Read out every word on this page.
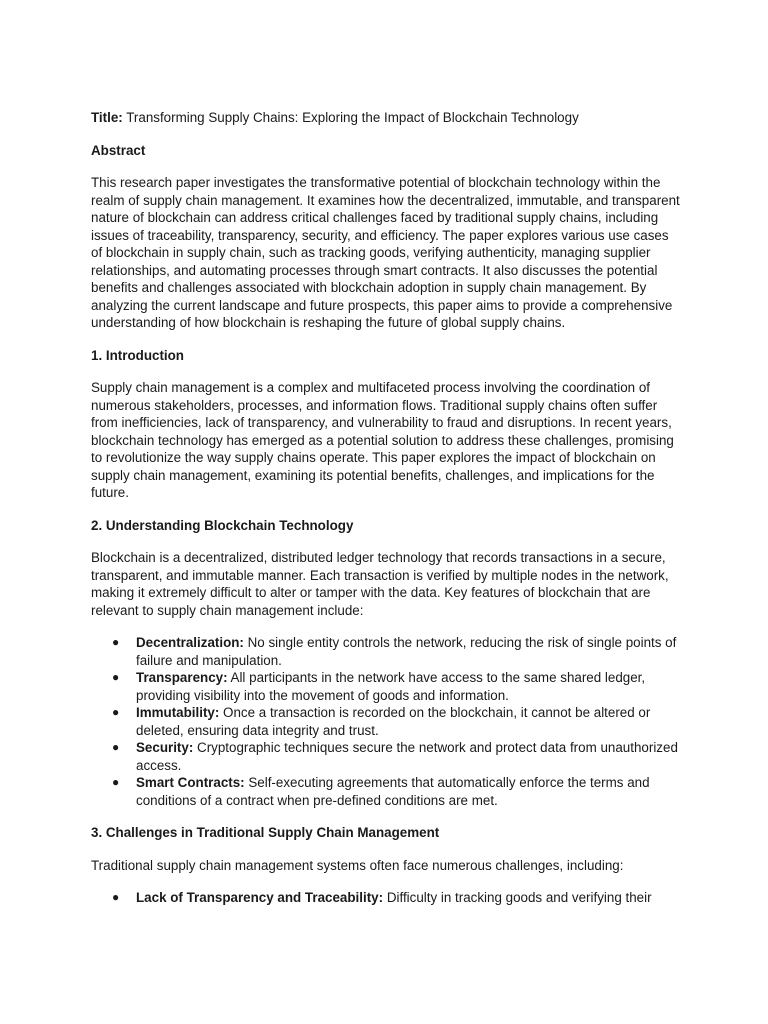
Title: Transforming Supply Chains: Exploring the Impact of Blockchain Technology

Abstract

This research paper investigates the transformative potential of blockchain technology within the realm of supply chain management. It examines how the decentralized, immutable, and transparent nature of blockchain can address critical challenges faced by traditional supply chains, including issues of traceability, transparency, security, and efficiency. The paper explores various use cases of blockchain in supply chain, such as tracking goods, verifying authenticity, managing supplier relationships, and automating processes through smart contracts. It also discusses the potential benefits and challenges associated with blockchain adoption in supply chain management. By analyzing the current landscape and future prospects, this paper aims to provide a comprehensive understanding of how blockchain is reshaping the future of global supply chains.

1. Introduction

Supply chain management is a complex and multifaceted process involving the coordination of numerous stakeholders, processes, and information flows. Traditional supply chains often suffer from inefficiencies, lack of transparency, and vulnerability to fraud and disruptions. In recent years, blockchain technology has emerged as a potential solution to address these challenges, promising to revolutionize the way supply chains operate. This paper explores the impact of blockchain on supply chain management, examining its potential benefits, challenges, and implications for the future.

2. Understanding Blockchain Technology

Blockchain is a decentralized, distributed ledger technology that records transactions in a secure, transparent, and immutable manner. Each transaction is verified by multiple nodes in the network, making it extremely difficult to alter or tamper with the data. Key features of blockchain that are relevant to supply chain management include:

● Decentralization: No single entity controls the network, reducing the risk of single points of failure and manipulation.
● Transparency: All participants in the network have access to the same shared ledger, providing visibility into the movement of goods and information.
● Immutability: Once a transaction is recorded on the blockchain, it cannot be altered or deleted, ensuring data integrity and trust.
● Security: Cryptographic techniques secure the network and protect data from unauthorized access.
● Smart Contracts: Self-executing agreements that automatically enforce the terms and conditions of a contract when pre-defined conditions are met.

3. Challenges in Traditional Supply Chain Management

Traditional supply chain management systems often face numerous challenges, including:

● Lack of Transparency and Traceability: Difficulty in tracking goods and verifying their
